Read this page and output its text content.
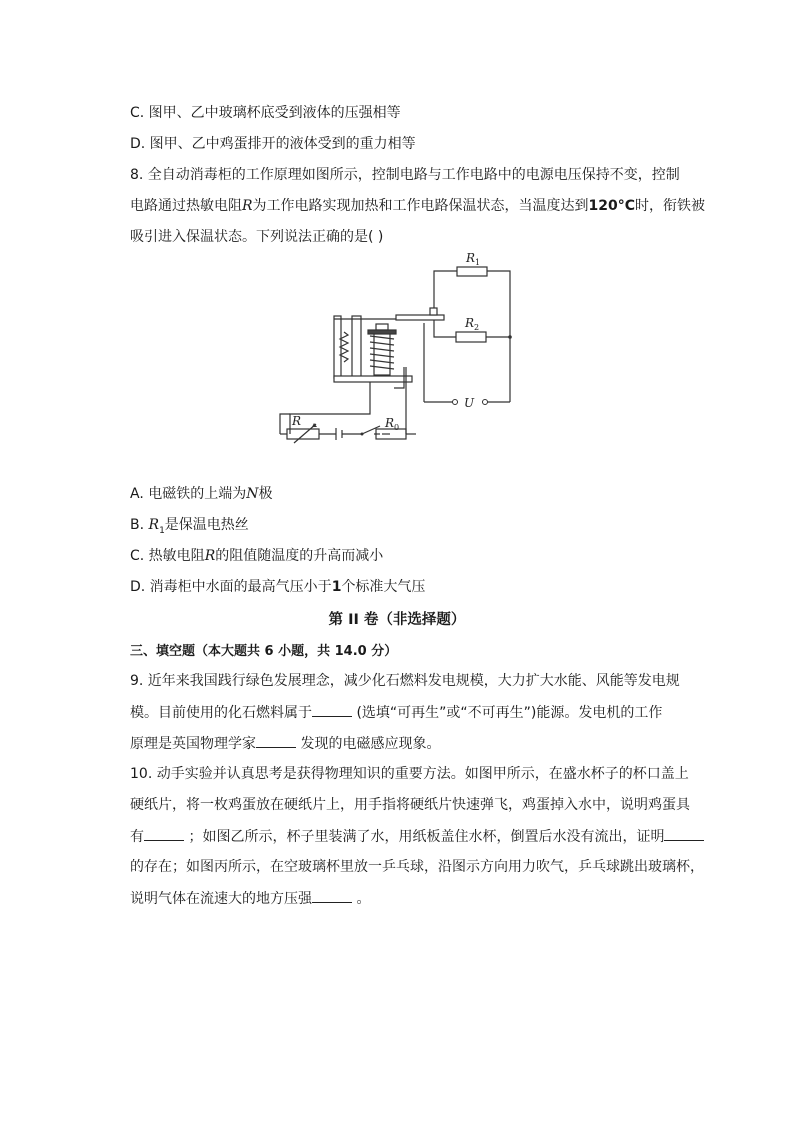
C. 图甲、乙中玻璃杯底受到液体的压强相等
D. 图甲、乙中鸡蛋排开的液体受到的重力相等
8. 全自动消毒柜的工作原理如图所示，控制电路与工作电路中的电源电压保持不变，控制
电路通过热敏电阻R为工作电路实现加热和工作电路保温状态，当温度达到120°C时，衔铁被
吸引进入保温状态。下列说法正确的是( )
$R_1$
$R_2$
U
R	$R_0$
A. 电磁铁的上端为N极
B. $R_1$是保温电热丝
C. 热敏电阻R的阻值随温度的升高而减小
D. 消毒柜中水面的最高气压小于1个标准大气压
第 II 卷（非选择题）
三、填空题（本大题共 6 小题，共 14.0 分）
9. 近年来我国践行绿色发展理念，减少化石燃料发电规模，大力扩大水能、风能等发电规
模。目前使用的化石燃料属于	(选填“可再生”或“不可再生”)能源。发电机的工作
原理是英国物理学家	发现的电磁感应现象。
10. 动手实验并认真思考是获得物理知识的重要方法。如图甲所示，在盛水杯子的杯口盖上
硬纸片，将一枚鸡蛋放在硬纸片上，用手指将硬纸片快速弹飞，鸡蛋掉入水中，说明鸡蛋具
有	；如图乙所示，杯子里装满了水，用纸板盖住水杯，倒置后水没有流出，证明
的存在；如图丙所示，在空玻璃杯里放一乒乓球，沿图示方向用力吹气，乒乓球跳出玻璃杯，
说明气体在流速大的地方压强	。
